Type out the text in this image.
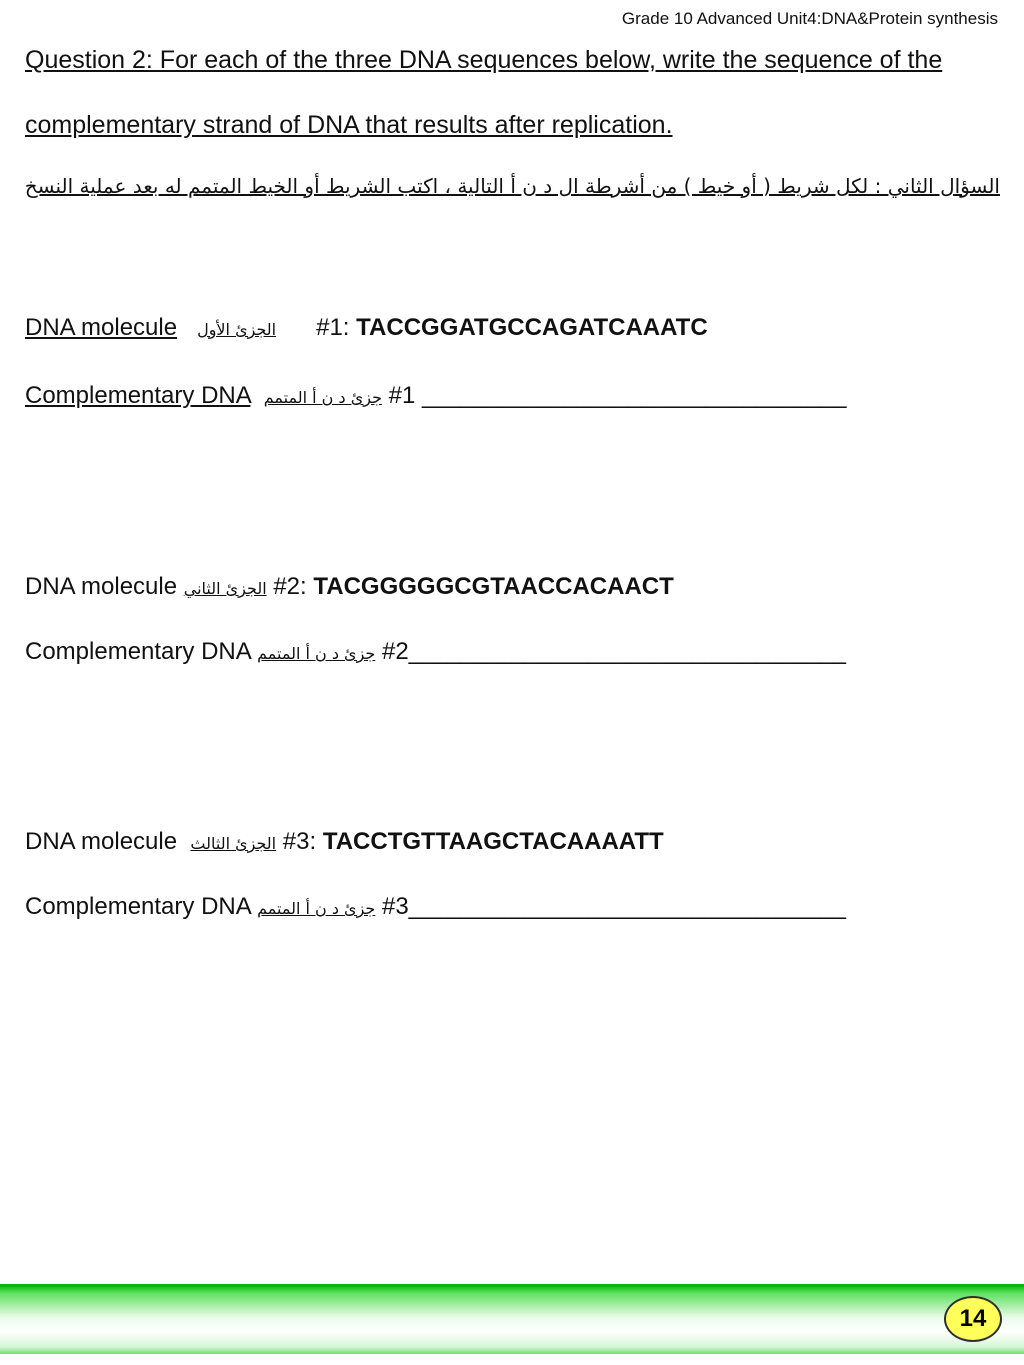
Grade 10 Advanced Unit4:DNA&Protein synthesis
Question 2: For each of the three DNA sequences below, write the sequence of the
complementary strand of DNA that results after replication.
السؤال الثاني : لكل شريط ( أو خيط ) من أشرطة ال د ن أ التالية ، اكتب الشريط أو الخيط المتمم له بعد عملية النسخ
DNA molecule الجزئ الأول #1: TACCGGATGCCAGATCAAATC
Complementary DNA جزئ د ن أ المتمم #1 _________________________________
DNA molecule الجزئ الثاني #2: TACGGGGGCGTAACCACAACT
Complementary DNA جزئ د ن أ المتمم #2__________________________________
DNA molecule الجزئ الثالث #3: TACCTGTTAAGCTACAAAATT
Complementary DNA جزئ د ن أ المتمم #3__________________________________
14
